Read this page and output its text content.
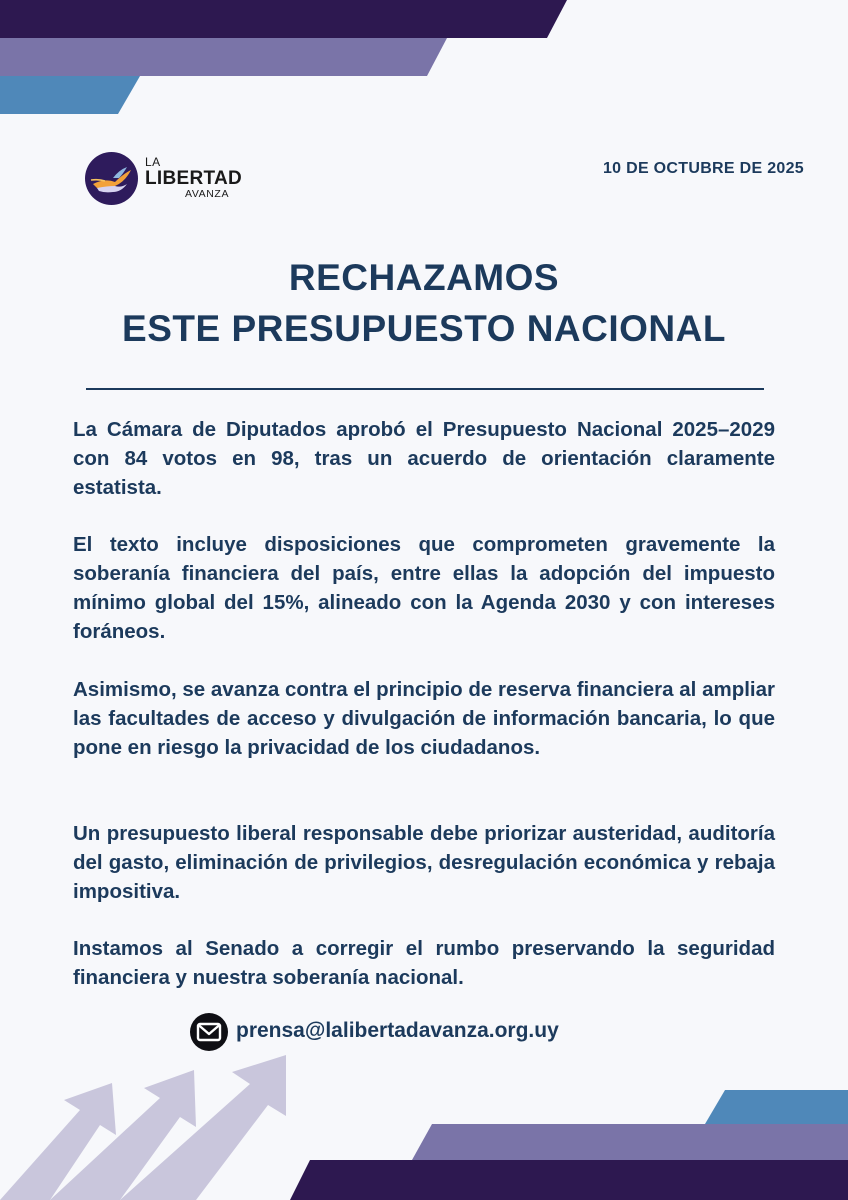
LA
LIBERTAD
AVANZA
10 DE OCTUBRE DE 2025
RECHAZAMOS
ESTE PRESUPUESTO NACIONAL
La Cámara de Diputados aprobó el Presupuesto Nacional 2025–2029 con 84 votos en 98, tras un acuerdo de orientación claramente estatista.
El texto incluye disposiciones que comprometen gravemente la soberanía financiera del país, entre ellas la adopción del impuesto mínimo global del 15%, alineado con la Agenda 2030 y con intereses foráneos.
Asimismo, se avanza contra el principio de reserva financiera al ampliar las facultades de acceso y divulgación de información bancaria, lo que pone en riesgo la privacidad de los ciudadanos.
Un presupuesto liberal responsable debe priorizar austeridad, auditoría del gasto, eliminación de privilegios, desregulación económica y rebaja impositiva.
Instamos al Senado a corregir el rumbo preservando la seguridad financiera y nuestra soberanía nacional.
prensa@lalibertadavanza.org.uy
